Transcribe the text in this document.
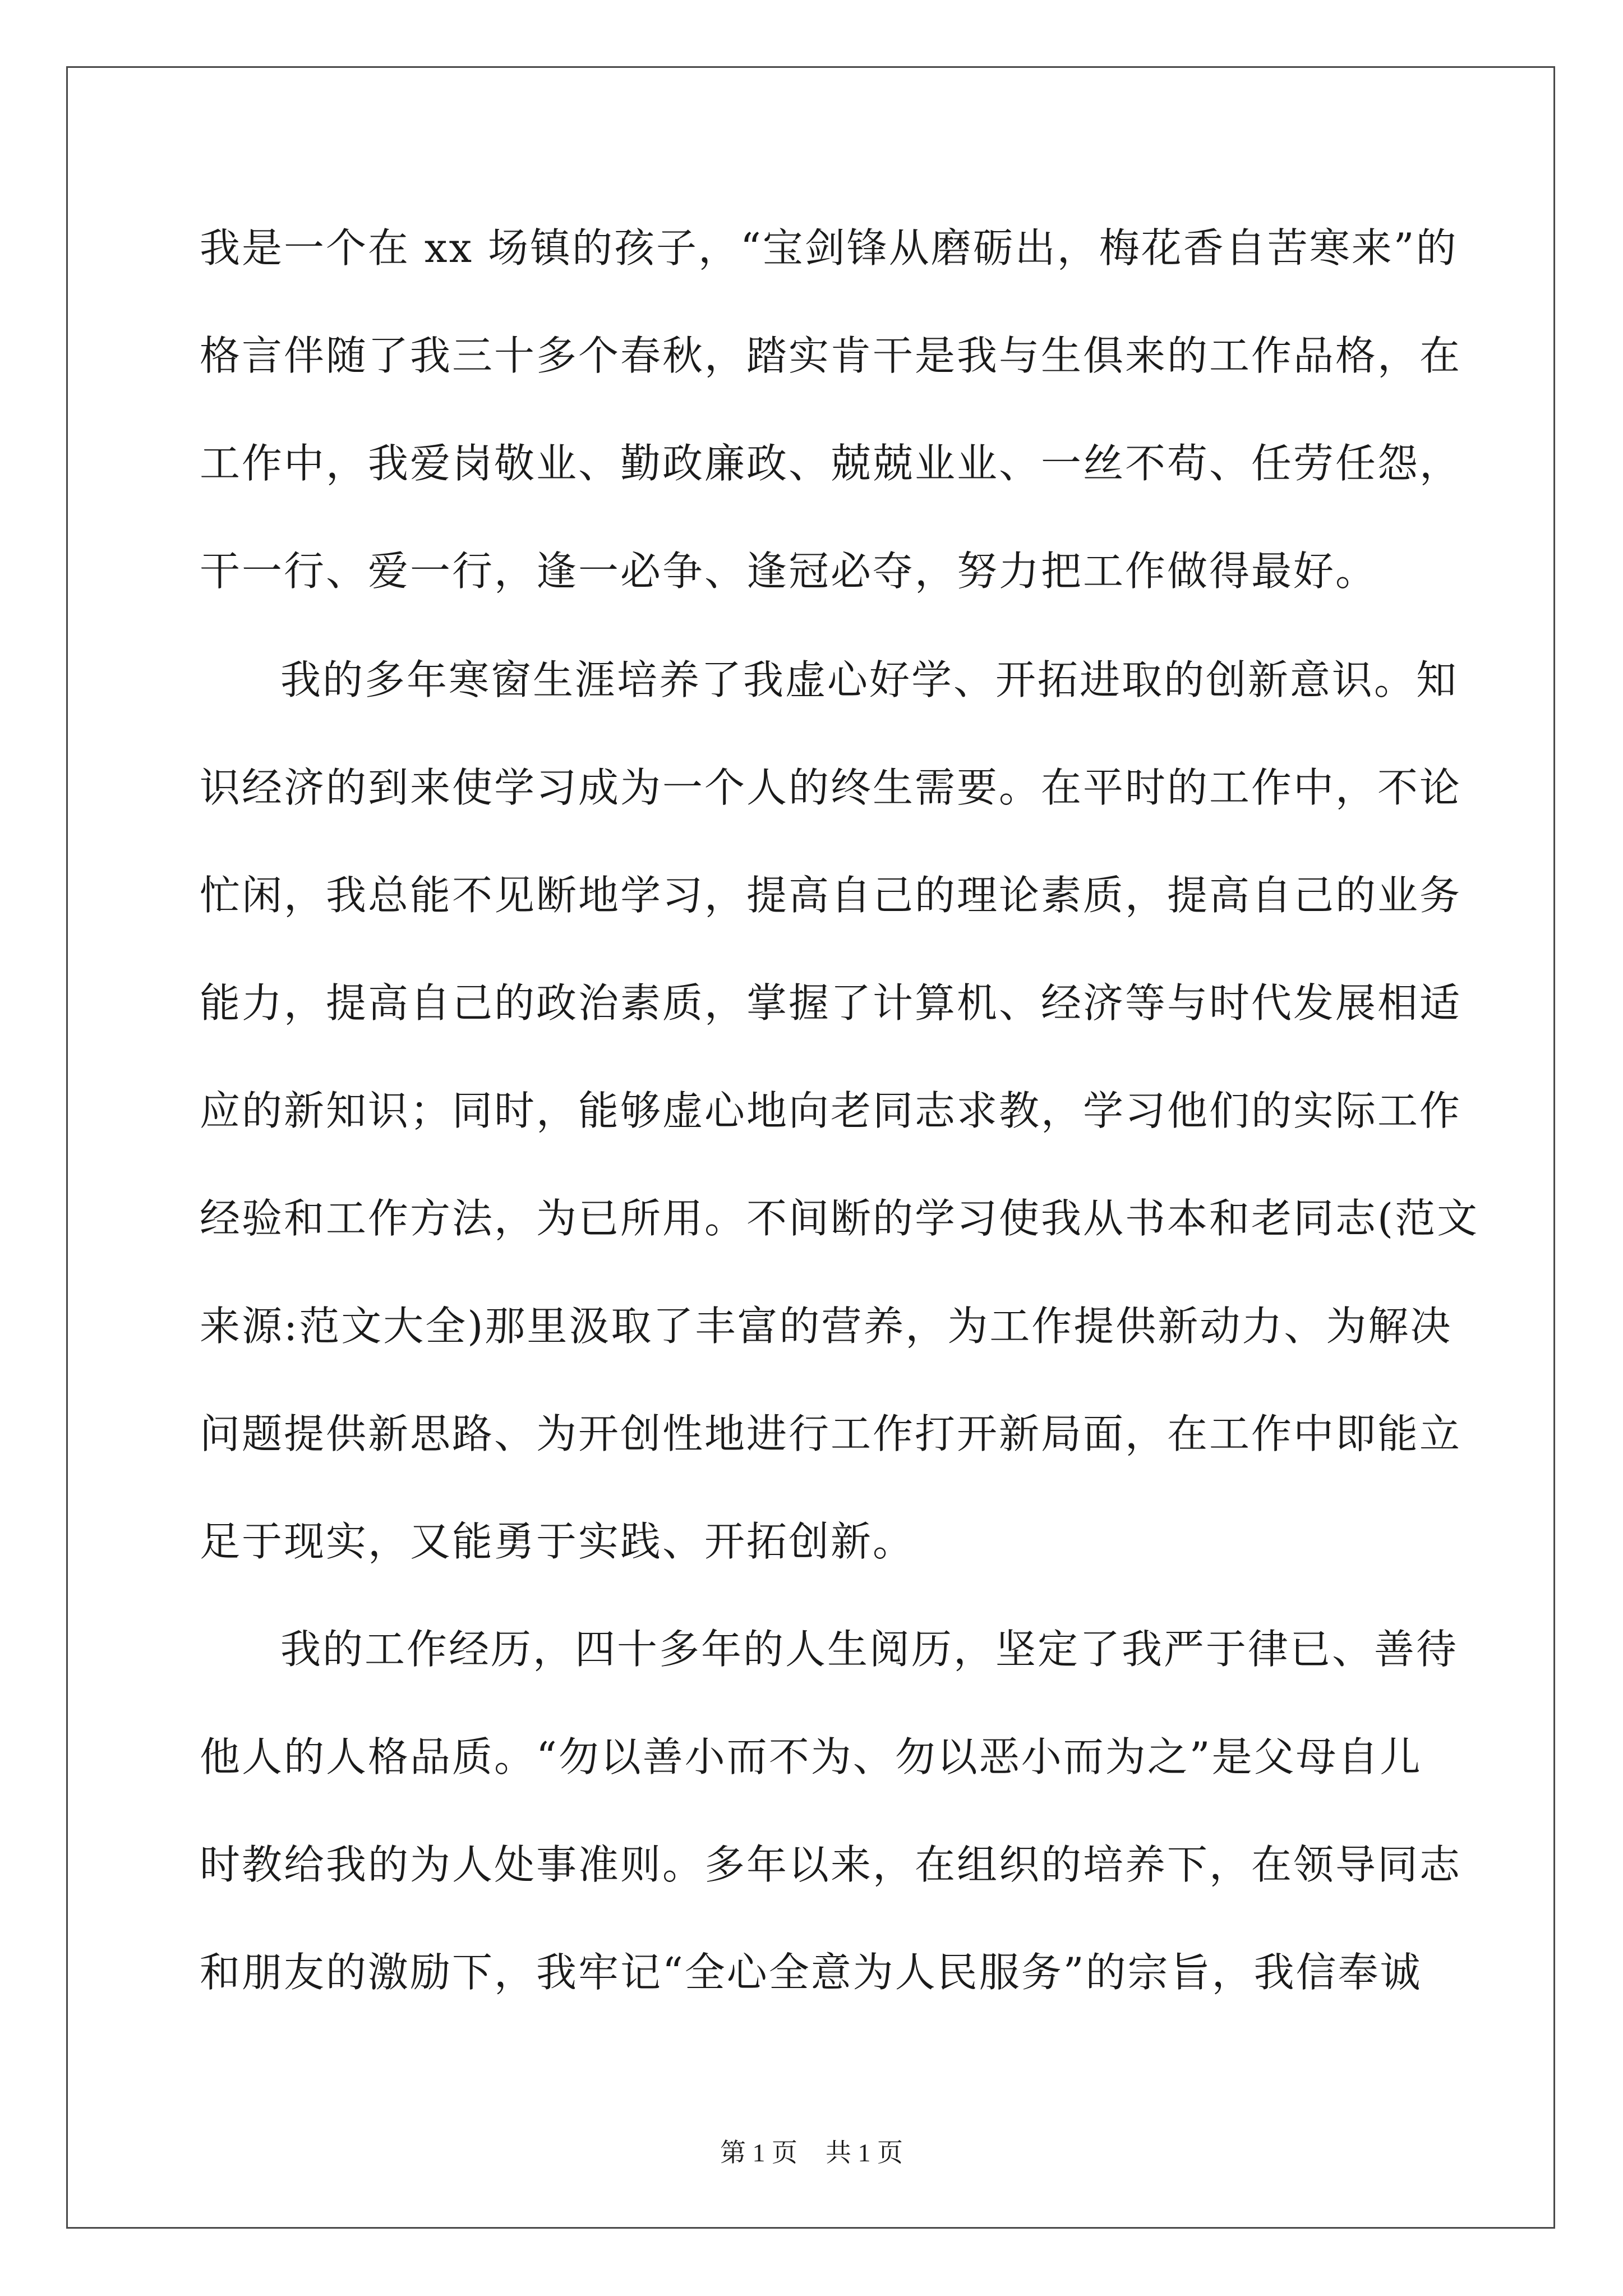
我是一个在 xx 场镇的孩子，“宝剑锋从磨砺出，梅花香自苦寒来”的
格言伴随了我三十多个春秋，踏实肯干是我与生俱来的工作品格，在
工作中，我爱岗敬业、勤政廉政、兢兢业业、一丝不苟、任劳任怨，
干一行、爱一行，逢一必争、逢冠必夺，努力把工作做得最好。
我的多年寒窗生涯培养了我虚心好学、开拓进取的创新意识。知
识经济的到来使学习成为一个人的终生需要。在平时的工作中，不论
忙闲，我总能不见断地学习，提高自己的理论素质，提高自己的业务
能力，提高自己的政治素质，掌握了计算机、经济等与时代发展相适
应的新知识；同时，能够虚心地向老同志求教，学习他们的实际工作
经验和工作方法，为已所用。不间断的学习使我从书本和老同志(范文
来源:范文大全)那里汲取了丰富的营养，为工作提供新动力、为解决
问题提供新思路、为开创性地进行工作打开新局面，在工作中即能立
足于现实，又能勇于实践、开拓创新。
我的工作经历，四十多年的人生阅历，坚定了我严于律已、善待
他人的人格品质。“勿以善小而不为、勿以恶小而为之”是父母自儿
时教给我的为人处事准则。多年以来，在组织的培养下，在领导同志
和朋友的激励下，我牢记“全心全意为人民服务”的宗旨，我信奉诚
第 1 页 共 1 页
